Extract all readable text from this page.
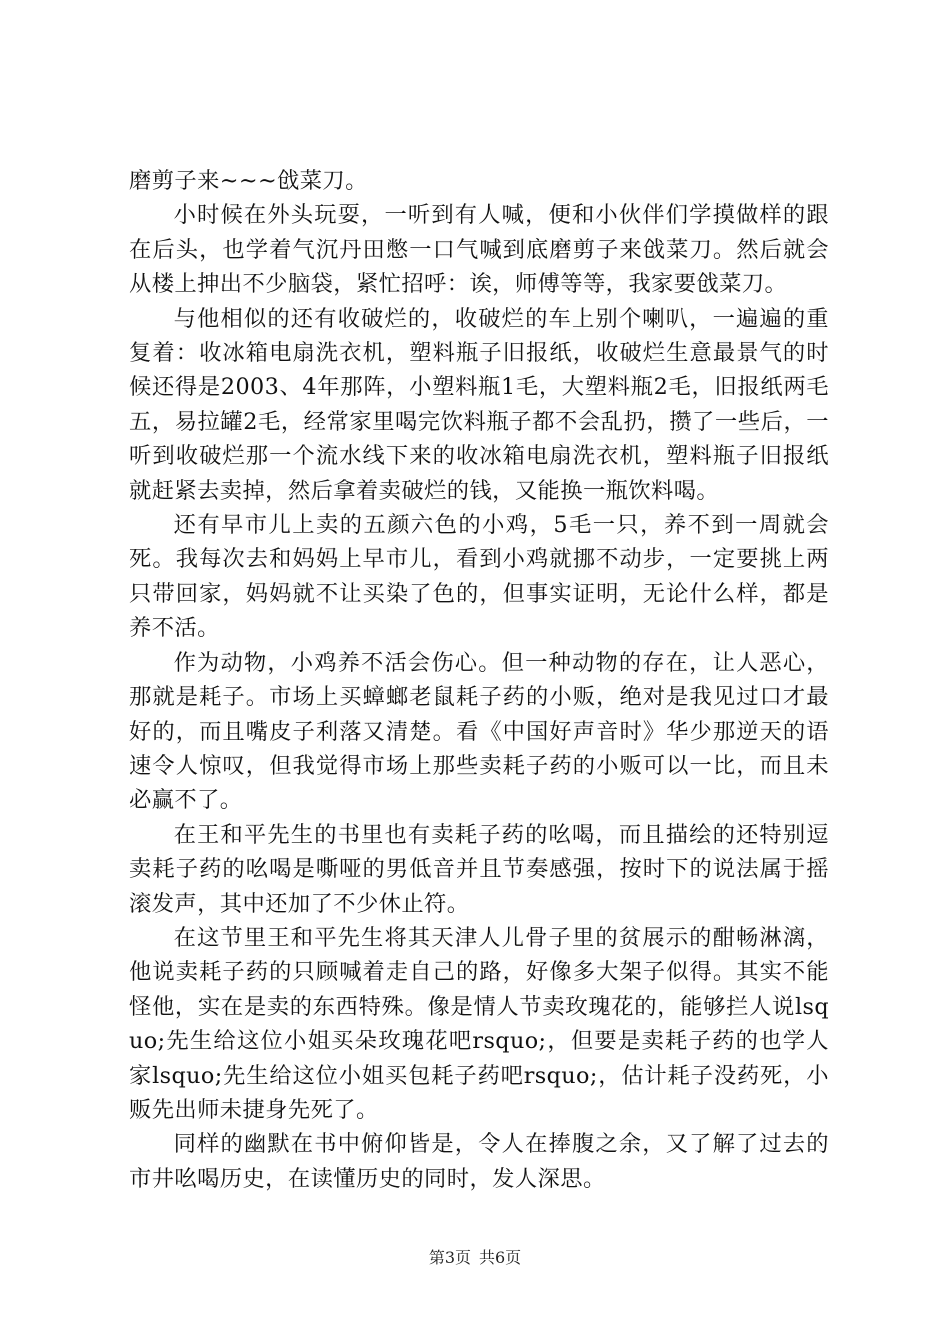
磨剪子来~~~戗菜刀。

小时候在外头玩耍，一听到有人喊，便和小伙伴们学摸做样的跟在后头，也学着气沉丹田憋一口气喊到底磨剪子来戗菜刀。然后就会从楼上抻出不少脑袋，紧忙招呼：诶，师傅等等，我家要戗菜刀。

与他相似的还有收破烂的，收破烂的车上别个喇叭，一遍遍的重复着：收冰箱电扇洗衣机，塑料瓶子旧报纸，收破烂生意最景气的时候还得是2003、4年那阵，小塑料瓶1毛，大塑料瓶2毛，旧报纸两毛五，易拉罐2毛，经常家里喝完饮料瓶子都不会乱扔，攒了一些后，一听到收破烂那一个流水线下来的收冰箱电扇洗衣机，塑料瓶子旧报纸就赶紧去卖掉，然后拿着卖破烂的钱，又能换一瓶饮料喝。

还有早市儿上卖的五颜六色的小鸡，5毛一只，养不到一周就会死。我每次去和妈妈上早市儿，看到小鸡就挪不动步，一定要挑上两只带回家，妈妈就不让买染了色的，但事实证明，无论什么样，都是养不活。

作为动物，小鸡养不活会伤心。但一种动物的存在，让人恶心，那就是耗子。市场上买蟑螂老鼠耗子药的小贩，绝对是我见过口才最好的，而且嘴皮子利落又清楚。看《中国好声音时》华少那逆天的语速令人惊叹，但我觉得市场上那些卖耗子药的小贩可以一比，而且未必赢不了。

在王和平先生的书里也有卖耗子药的吆喝，而且描绘的还特别逗卖耗子药的吆喝是嘶哑的男低音并且节奏感强，按时下的说法属于摇滚发声，其中还加了不少休止符。

在这节里王和平先生将其天津人儿骨子里的贫展示的酣畅淋漓，他说卖耗子药的只顾喊着走自己的路，好像多大架子似得。其实不能怪他，实在是卖的东西特殊。像是情人节卖玫瑰花的，能够拦人说lsquo;先生给这位小姐买朵玫瑰花吧rsquo;，但要是卖耗子药的也学人家lsquo;先生给这位小姐买包耗子药吧rsquo;，估计耗子没药死，小贩先出师未捷身先死了。

同样的幽默在书中俯仰皆是，令人在捧腹之余，又了解了过去的市井吆喝历史，在读懂历史的同时，发人深思。

第3页 共6页
